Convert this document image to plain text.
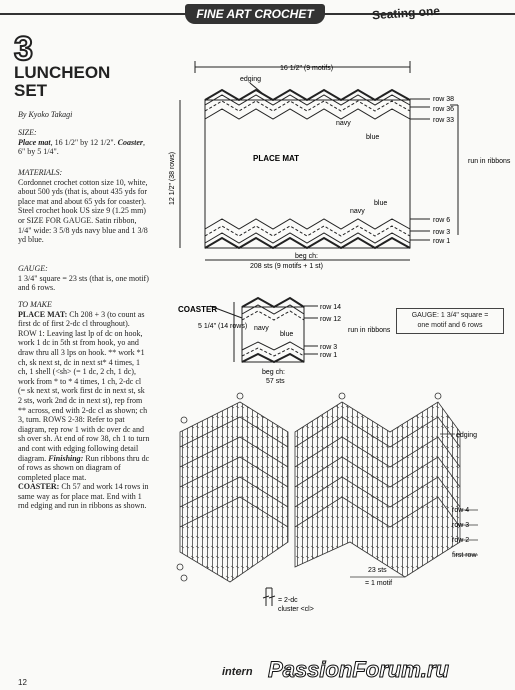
FINE ART CROCHET	Seating one
3
LUNCHEON SET
By Kyoko Takagi

SIZE:

Place mat, 16 1/2" by 12 1/2". Coaster, 6" by 5 1/4".

MATERIALS:

Cordonnet crochet cotton size 10, white, about 500 yds (that is, about 435 yds for place mat and about 65 yds for coaster). Steel crochet hook US size 9 (1.25 mm) or SIZE FOR GAUGE. Satin ribbon, 1/4" wide: 3 5/8 yds navy blue and 1 3/8 yd blue.

GAUGE:

1 3/4" square = 23 sts (that is, one motif) and 6 rows.

TO MAKE

PLACE MAT: Ch 208 + 3 (to count as first dc of first 2-dc cl throughout). ROW 1: Leaving last lp of dc on hook, work 1 dc in 5th st from hook, yo and draw thru all 3 lps on hook. ** work *1 ch, sk next st, dc in next st* 4 times, 1 ch, 1 shell (<sh> (= 1 dc, 2 ch, 1 dc), work from * to * 4 times, 1 ch, 2-dc cl (= sk next st, work first dc in next st, sk 2 sts, work 2nd dc in next st), rep from ** across, end with 2-dc cl as shown; ch 3, turn. ROWS 2-38: Refer to pat diagram, rep row 1 with dc over dc and sh over sh. At end of row 38, ch 1 to turn and cont with edging following detail diagram. Finishing: Run ribbons thru dc of rows as shown on diagram of completed place mat.

COASTER: Ch 57 and work 14 rows in same way as for place mat. End with 1 rnd edging and run in ribbons as shown.

16 1/2" (9 motifs)
12 1/2" (38 rows)	PLACE MAT
edging
navy
blue
navy
blue
row 38
row 36
row 33
row 6
row 3
row 1
run in ribbons
beg ch:
208 sts (9 motifs + 1 st)
COASTER
5 1/4" (14 rows) navy
blue
row 14
row 12
row 3
row 1
run in ribbons
beg ch:
57 sts
GAUGE: 1 3/4" square =
one motif and 6 rows
edging
row 4
row 3
row 2
first row
23 sts
= 1 motif
= 2-dc
cluster <cl>
intern PassionForum.ru
12
